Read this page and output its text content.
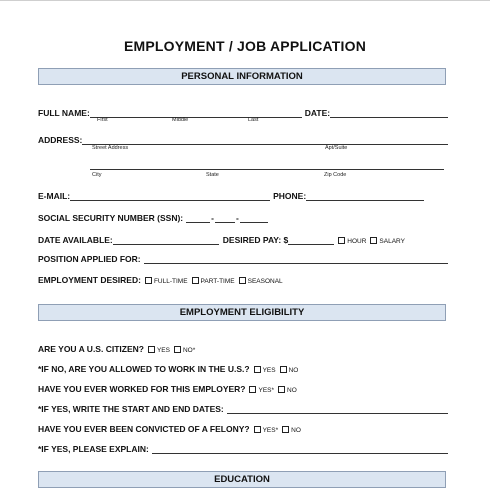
EMPLOYMENT / JOB APPLICATION
PERSONAL INFORMATION
FULL NAME:	DATE:
First	Middle	Last
ADDRESS:
Street Address	Apt/Suite
City	State	Zip Code
E-MAIL:	PHONE:
SOCIAL SECURITY NUMBER (SSN):	-	-
DATE AVAILABLE:	DESIRED PAY: $	HOUR SALARY
POSITION APPLIED FOR:
EMPLOYMENT DESIRED: FULL-TIME PART-TIME SEASONAL
EMPLOYMENT ELIGIBILITY
ARE YOU A U.S. CITIZEN? YES NO*
*IF NO, ARE YOU ALLOWED TO WORK IN THE U.S.? YES NO
HAVE YOU EVER WORKED FOR THIS EMPLOYER? YES* NO
*IF YES, WRITE THE START AND END DATES:
HAVE YOU EVER BEEN CONVICTED OF A FELONY? YES* NO
*IF YES, PLEASE EXPLAIN:
EDUCATION
